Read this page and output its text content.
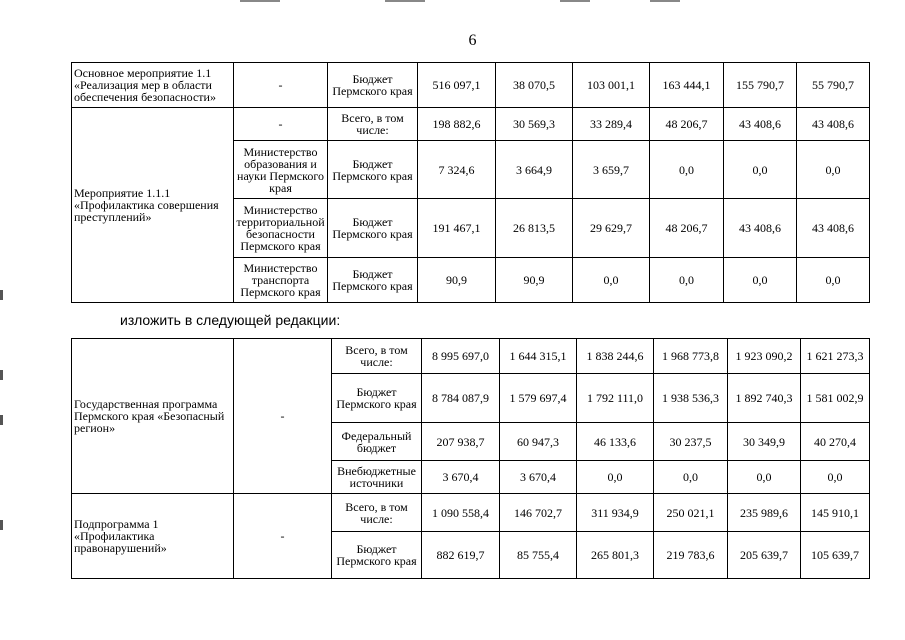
6
Основное мероприятие 1.1 «Реализация мер в области обеспечения безопасности»	-	Бюджет Пермского края	516 097,1	38 070,5	103 001,1	163 444,1	155 790,7	55 790,7
Мероприятие 1.1.1 «Профилактика совершения преступлений»	-	Всего, в том числе:	198 882,6	30 569,3	33 289,4	48 206,7	43 408,6	43 408,6
	Министерство образования и науки Пермского края	Бюджет Пермского края	7 324,6	3 664,9	3 659,7	0,0	0,0	0,0
	Министерство территориальной безопасности Пермского края	Бюджет Пермского края	191 467,1	26 813,5	29 629,7	48 206,7	43 408,6	43 408,6
	Министерство транспорта Пермского края	Бюджет Пермского края	90,9	90,9	0,0	0,0	0,0	0,0
изложить в следующей редакции:
Государственная программа Пермского края «Безопасный регион»	-	Всего, в том числе:	8 995 697,0	1 644 315,1	1 838 244,6	1 968 773,8	1 923 090,2	1 621 273,3
		Бюджет Пермского края	8 784 087,9	1 579 697,4	1 792 111,0	1 938 536,3	1 892 740,3	1 581 002,9
		Федеральный бюджет	207 938,7	60 947,3	46 133,6	30 237,5	30 349,9	40 270,4
		Внебюджетные источники	3 670,4	3 670,4	0,0	0,0	0,0	0,0
Подпрограмма 1 «Профилактика правонарушений»	-	Всего, в том числе:	1 090 558,4	146 702,7	311 934,9	250 021,1	235 989,6	145 910,1
		Бюджет Пермского края	882 619,7	85 755,4	265 801,3	219 783,6	205 639,7	105 639,7
